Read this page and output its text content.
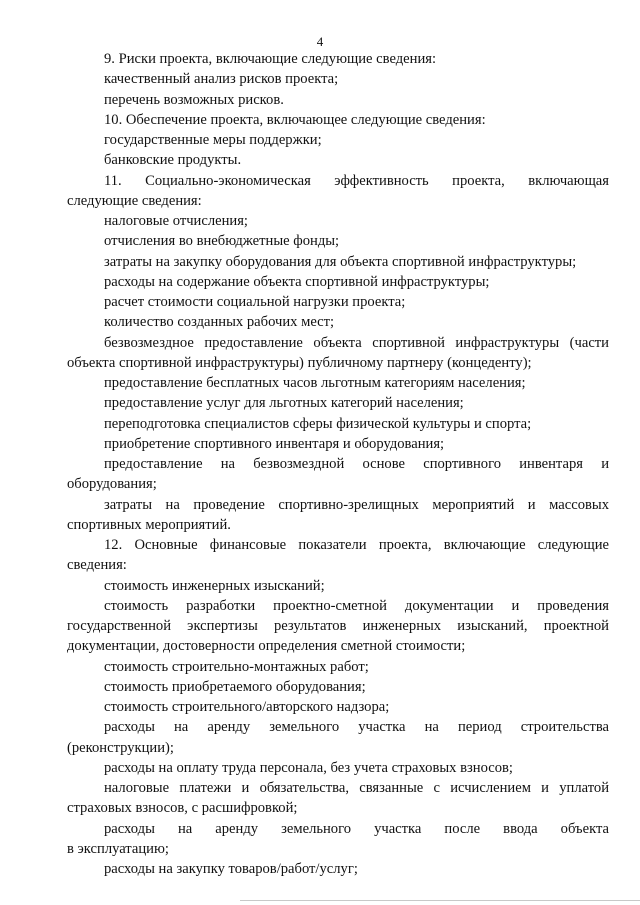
4
9. Риски проекта, включающие следующие сведения:
качественный анализ рисков проекта;
перечень возможных рисков.
10. Обеспечение проекта, включающее следующие сведения:
государственные меры поддержки;
банковские продукты.
11. Социально-экономическая эффективность проекта, включающая
следующие сведения:
налоговые отчисления;
отчисления во внебюджетные фонды;
затраты на закупку оборудования для объекта спортивной инфраструктуры;
расходы на содержание объекта спортивной инфраструктуры;
расчет стоимости социальной нагрузки проекта;
количество созданных рабочих мест;
безвозмездное предоставление объекта спортивной инфраструктуры (части
объекта спортивной инфраструктуры) публичному партнеру (концеденту);
предоставление бесплатных часов льготным категориям населения;
предоставление услуг для льготных категорий населения;
переподготовка специалистов сферы физической культуры и спорта;
приобретение спортивного инвентаря и оборудования;
предоставление на безвозмездной основе спортивного инвентаря и
оборудования;
затраты на проведение спортивно-зрелищных мероприятий и массовых
спортивных мероприятий.
12. Основные финансовые показатели проекта, включающие следующие
сведения:
стоимость инженерных изысканий;
стоимость разработки проектно-сметной документации и проведения
государственной экспертизы результатов инженерных изысканий, проектной
документации, достоверности определения сметной стоимости;
стоимость строительно-монтажных работ;
стоимость приобретаемого оборудования;
стоимость строительного/авторского надзора;
расходы на аренду земельного участка на период строительства
(реконструкции);
расходы на оплату труда персонала, без учета страховых взносов;
налоговые платежи и обязательства, связанные с исчислением и уплатой
страховых взносов, с расшифровкой;
расходы на аренду земельного участка после ввода объекта
в эксплуатацию;
расходы на закупку товаров/работ/услуг;
